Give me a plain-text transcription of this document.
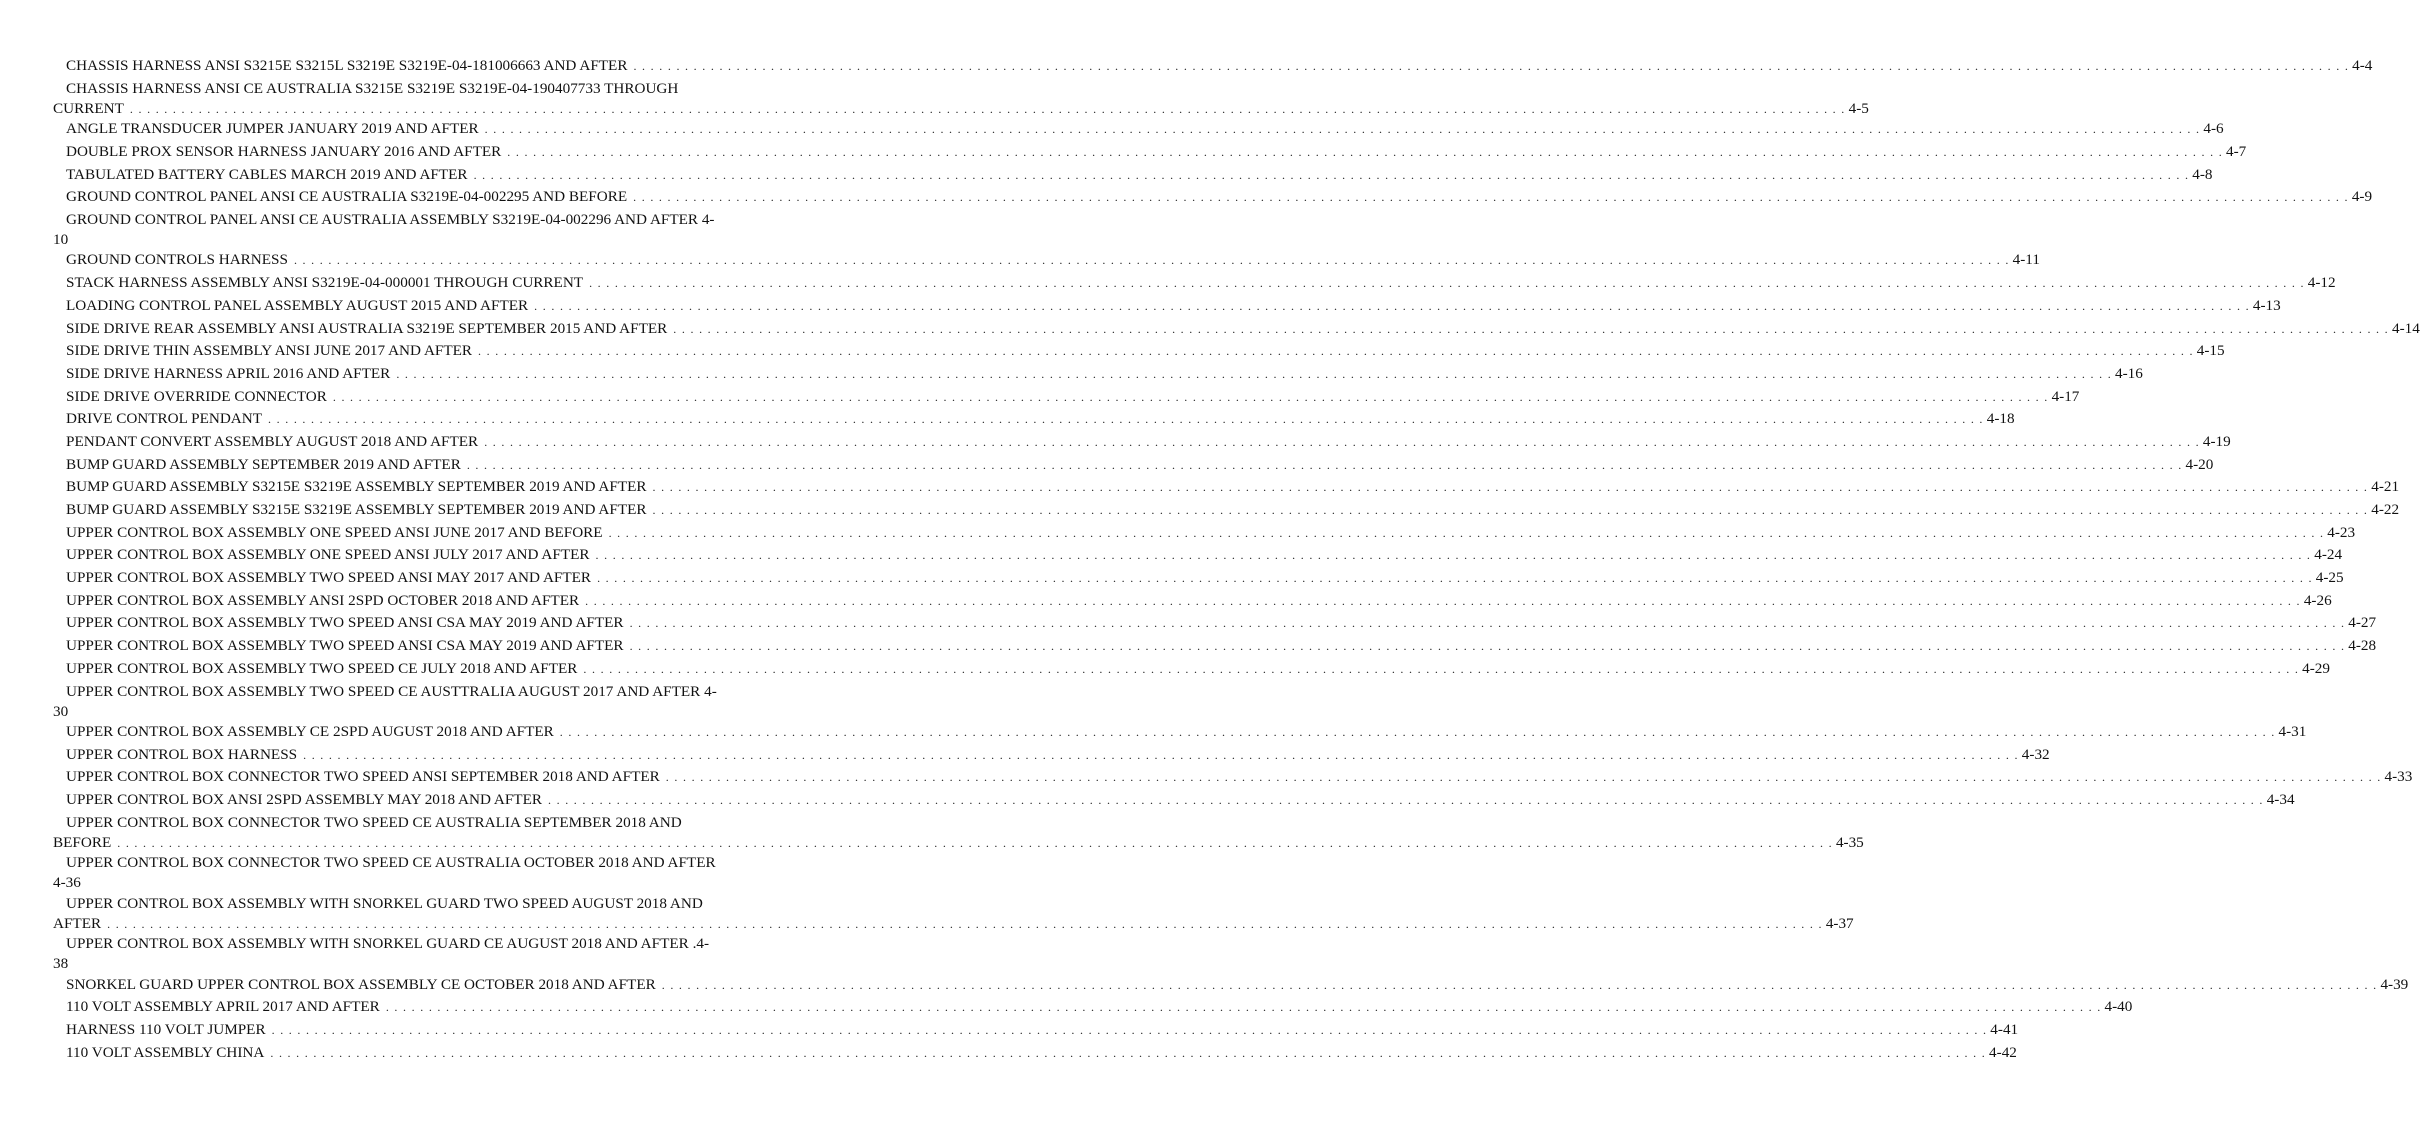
CHASSIS HARNESS ANSI S3215E S3215L S3219E S3219E-04-181006663 AND AFTER . . . . . . . . . . . . . . . . . . . . . . . . . . . . . . . . . . . . . . . . . . . . . . . . . . . . . . . . . . . . . . . . . . . . . . . . . . . . . . . . . . . . . . . . . . . . . . . . . . . . . . . . . . . . . . . . . . . . . . . . . . . . . . . . . . . . . . . . . . . . . . . . . . . . . . . . . . . . . . . . . . . . . . . . . . . . . . . . . . . . . . . . . . . . . . . . . . . . . . . . 4-4
CHASSIS HARNESS ANSI CE AUSTRALIA S3215E S3219E S3219E-04-190407733 THROUGH
CURRENT . . . . . . . . . . . . . . . . . . . . . . . . . . . . . . . . . . . . . . . . . . . . . . . . . . . . . . . . . . . . . . . . . . . . . . . . . . . . . . . . . . . . . . . . . . . . . . . . . . . . . . . . . . . . . . . . . . . . . . . . . . . . . . . . . . . . . . . . . . . . . . . . . . . . . . . . . . . . . . . . . . . . . . . . . . . . . . . . . . . . . . . . . . . . . . . . . . . . . . . . 4-5
ANGLE TRANSDUCER JUMPER JANUARY 2019 AND AFTER . . . . . . . . . . . . . . . . . . . . . . . . . . . . . . . . . . . . . . . . . . . . . . . . . . . . . . . . . . . . . . . . . . . . . . . . . . . . . . . . . . . . . . . . . . . . . . . . . . . . . . . . . . . . . . . . . . . . . . . . . . . . . . . . . . . . . . . . . . . . . . . . . . . . . . . . . . . . . . . . . . . . . . . . . . . . . . . . . . . . . . . . . . . . . . . . . . . . . . . . 4-6
DOUBLE PROX SENSOR HARNESS JANUARY 2016 AND AFTER . . . . . . . . . . . . . . . . . . . . . . . . . . . . . . . . . . . . . . . . . . . . . . . . . . . . . . . . . . . . . . . . . . . . . . . . . . . . . . . . . . . . . . . . . . . . . . . . . . . . . . . . . . . . . . . . . . . . . . . . . . . . . . . . . . . . . . . . . . . . . . . . . . . . . . . . . . . . . . . . . . . . . . . . . . . . . . . . . . . . . . . . . . . . . . . . . . . . . . . . 4-7
TABULATED BATTERY CABLES MARCH 2019 AND AFTER . . . . . . . . . . . . . . . . . . . . . . . . . . . . . . . . . . . . . . . . . . . . . . . . . . . . . . . . . . . . . . . . . . . . . . . . . . . . . . . . . . . . . . . . . . . . . . . . . . . . . . . . . . . . . . . . . . . . . . . . . . . . . . . . . . . . . . . . . . . . . . . . . . . . . . . . . . . . . . . . . . . . . . . . . . . . . . . . . . . . . . . . . . . . . . . . . . . . . . . . 4-8
GROUND CONTROL PANEL ANSI CE AUSTRALIA S3219E-04-002295 AND BEFORE . . . . . . . . . . . . . . . . . . . . . . . . . . . . . . . . . . . . . . . . . . . . . . . . . . . . . . . . . . . . . . . . . . . . . . . . . . . . . . . . . . . . . . . . . . . . . . . . . . . . . . . . . . . . . . . . . . . . . . . . . . . . . . . . . . . . . . . . . . . . . . . . . . . . . . . . . . . . . . . . . . . . . . . . . . . . . . . . . . . . . . . . . . . . . . . . . . . . . . . . 4-9
GROUND CONTROL PANEL ANSI CE AUSTRALIA ASSEMBLY S3219E-04-002296 AND AFTER 4-
10
GROUND CONTROLS HARNESS . . . . . . . . . . . . . . . . . . . . . . . . . . . . . . . . . . . . . . . . . . . . . . . . . . . . . . . . . . . . . . . . . . . . . . . . . . . . . . . . . . . . . . . . . . . . . . . . . . . . . . . . . . . . . . . . . . . . . . . . . . . . . . . . . . . . . . . . . . . . . . . . . . . . . . . . . . . . . . . . . . . . . . . . . . . . . . . . . . . . . . . . . . . . . . . . . . . . . . . . 4-11
STACK HARNESS ASSEMBLY ANSI S3219E-04-000001 THROUGH CURRENT . . . . . . . . . . . . . . . . . . . . . . . . . . . . . . . . . . . . . . . . . . . . . . . . . . . . . . . . . . . . . . . . . . . . . . . . . . . . . . . . . . . . . . . . . . . . . . . . . . . . . . . . . . . . . . . . . . . . . . . . . . . . . . . . . . . . . . . . . . . . . . . . . . . . . . . . . . . . . . . . . . . . . . . . . . . . . . . . . . . . . . . . . . . . . . . . . . . . . . . . 4-12
LOADING CONTROL PANEL ASSEMBLY AUGUST 2015 AND AFTER . . . . . . . . . . . . . . . . . . . . . . . . . . . . . . . . . . . . . . . . . . . . . . . . . . . . . . . . . . . . . . . . . . . . . . . . . . . . . . . . . . . . . . . . . . . . . . . . . . . . . . . . . . . . . . . . . . . . . . . . . . . . . . . . . . . . . . . . . . . . . . . . . . . . . . . . . . . . . . . . . . . . . . . . . . . . . . . . . . . . . . . . . . . . . . . . . . . . . . . . 4-13
SIDE DRIVE REAR ASSEMBLY ANSI AUSTRALIA S3219E SEPTEMBER 2015 AND AFTER . . . . . . . . . . . . . . . . . . . . . . . . . . . . . . . . . . . . . . . . . . . . . . . . . . . . . . . . . . . . . . . . . . . . . . . . . . . . . . . . . . . . . . . . . . . . . . . . . . . . . . . . . . . . . . . . . . . . . . . . . . . . . . . . . . . . . . . . . . . . . . . . . . . . . . . . . . . . . . . . . . . . . . . . . . . . . . . . . . . . . . . . . . . . . . . . . . . . . . . . 4-14
SIDE DRIVE THIN ASSEMBLY ANSI JUNE 2017 AND AFTER . . . . . . . . . . . . . . . . . . . . . . . . . . . . . . . . . . . . . . . . . . . . . . . . . . . . . . . . . . . . . . . . . . . . . . . . . . . . . . . . . . . . . . . . . . . . . . . . . . . . . . . . . . . . . . . . . . . . . . . . . . . . . . . . . . . . . . . . . . . . . . . . . . . . . . . . . . . . . . . . . . . . . . . . . . . . . . . . . . . . . . . . . . . . . . . . . . . . . . . . 4-15
SIDE DRIVE HARNESS APRIL 2016 AND AFTER . . . . . . . . . . . . . . . . . . . . . . . . . . . . . . . . . . . . . . . . . . . . . . . . . . . . . . . . . . . . . . . . . . . . . . . . . . . . . . . . . . . . . . . . . . . . . . . . . . . . . . . . . . . . . . . . . . . . . . . . . . . . . . . . . . . . . . . . . . . . . . . . . . . . . . . . . . . . . . . . . . . . . . . . . . . . . . . . . . . . . . . . . . . . . . . . . . . . . . . . 4-16
SIDE DRIVE OVERRIDE CONNECTOR . . . . . . . . . . . . . . . . . . . . . . . . . . . . . . . . . . . . . . . . . . . . . . . . . . . . . . . . . . . . . . . . . . . . . . . . . . . . . . . . . . . . . . . . . . . . . . . . . . . . . . . . . . . . . . . . . . . . . . . . . . . . . . . . . . . . . . . . . . . . . . . . . . . . . . . . . . . . . . . . . . . . . . . . . . . . . . . . . . . . . . . . . . . . . . . . . . . . . . . . 4-17
DRIVE CONTROL PENDANT . . . . . . . . . . . . . . . . . . . . . . . . . . . . . . . . . . . . . . . . . . . . . . . . . . . . . . . . . . . . . . . . . . . . . . . . . . . . . . . . . . . . . . . . . . . . . . . . . . . . . . . . . . . . . . . . . . . . . . . . . . . . . . . . . . . . . . . . . . . . . . . . . . . . . . . . . . . . . . . . . . . . . . . . . . . . . . . . . . . . . . . . . . . . . . . . . . . . . . . . 4-18
PENDANT CONVERT ASSEMBLY AUGUST 2018 AND AFTER . . . . . . . . . . . . . . . . . . . . . . . . . . . . . . . . . . . . . . . . . . . . . . . . . . . . . . . . . . . . . . . . . . . . . . . . . . . . . . . . . . . . . . . . . . . . . . . . . . . . . . . . . . . . . . . . . . . . . . . . . . . . . . . . . . . . . . . . . . . . . . . . . . . . . . . . . . . . . . . . . . . . . . . . . . . . . . . . . . . . . . . . . . . . . . . . . . . . . . . . 4-19
BUMP GUARD ASSEMBLY SEPTEMBER 2019 AND AFTER . . . . . . . . . . . . . . . . . . . . . . . . . . . . . . . . . . . . . . . . . . . . . . . . . . . . . . . . . . . . . . . . . . . . . . . . . . . . . . . . . . . . . . . . . . . . . . . . . . . . . . . . . . . . . . . . . . . . . . . . . . . . . . . . . . . . . . . . . . . . . . . . . . . . . . . . . . . . . . . . . . . . . . . . . . . . . . . . . . . . . . . . . . . . . . . . . . . . . . . . 4-20
BUMP GUARD ASSEMBLY S3215E S3219E ASSEMBLY SEPTEMBER 2019 AND AFTER . . . . . . . . . . . . . . . . . . . . . . . . . . . . . . . . . . . . . . . . . . . . . . . . . . . . . . . . . . . . . . . . . . . . . . . . . . . . . . . . . . . . . . . . . . . . . . . . . . . . . . . . . . . . . . . . . . . . . . . . . . . . . . . . . . . . . . . . . . . . . . . . . . . . . . . . . . . . . . . . . . . . . . . . . . . . . . . . . . . . . . . . . . . . . . . . . . . . . . . . 4-21
BUMP GUARD ASSEMBLY S3215E S3219E ASSEMBLY SEPTEMBER 2019 AND AFTER . . . . . . . . . . . . . . . . . . . . . . . . . . . . . . . . . . . . . . . . . . . . . . . . . . . . . . . . . . . . . . . . . . . . . . . . . . . . . . . . . . . . . . . . . . . . . . . . . . . . . . . . . . . . . . . . . . . . . . . . . . . . . . . . . . . . . . . . . . . . . . . . . . . . . . . . . . . . . . . . . . . . . . . . . . . . . . . . . . . . . . . . . . . . . . . . . . . . . . . . 4-22
UPPER CONTROL BOX ASSEMBLY ONE SPEED ANSI JUNE 2017 AND BEFORE . . . . . . . . . . . . . . . . . . . . . . . . . . . . . . . . . . . . . . . . . . . . . . . . . . . . . . . . . . . . . . . . . . . . . . . . . . . . . . . . . . . . . . . . . . . . . . . . . . . . . . . . . . . . . . . . . . . . . . . . . . . . . . . . . . . . . . . . . . . . . . . . . . . . . . . . . . . . . . . . . . . . . . . . . . . . . . . . . . . . . . . . . . . . . . . . . . . . . . . . 4-23
UPPER CONTROL BOX ASSEMBLY ONE SPEED ANSI JULY 2017 AND AFTER . . . . . . . . . . . . . . . . . . . . . . . . . . . . . . . . . . . . . . . . . . . . . . . . . . . . . . . . . . . . . . . . . . . . . . . . . . . . . . . . . . . . . . . . . . . . . . . . . . . . . . . . . . . . . . . . . . . . . . . . . . . . . . . . . . . . . . . . . . . . . . . . . . . . . . . . . . . . . . . . . . . . . . . . . . . . . . . . . . . . . . . . . . . . . . . . . . . . . . . . 4-24
UPPER CONTROL BOX ASSEMBLY TWO SPEED ANSI MAY 2017 AND AFTER . . . . . . . . . . . . . . . . . . . . . . . . . . . . . . . . . . . . . . . . . . . . . . . . . . . . . . . . . . . . . . . . . . . . . . . . . . . . . . . . . . . . . . . . . . . . . . . . . . . . . . . . . . . . . . . . . . . . . . . . . . . . . . . . . . . . . . . . . . . . . . . . . . . . . . . . . . . . . . . . . . . . . . . . . . . . . . . . . . . . . . . . . . . . . . . . . . . . . . . . 4-25
UPPER CONTROL BOX ASSEMBLY ANSI 2SPD OCTOBER 2018 AND AFTER . . . . . . . . . . . . . . . . . . . . . . . . . . . . . . . . . . . . . . . . . . . . . . . . . . . . . . . . . . . . . . . . . . . . . . . . . . . . . . . . . . . . . . . . . . . . . . . . . . . . . . . . . . . . . . . . . . . . . . . . . . . . . . . . . . . . . . . . . . . . . . . . . . . . . . . . . . . . . . . . . . . . . . . . . . . . . . . . . . . . . . . . . . . . . . . . . . . . . . . . 4-26
UPPER CONTROL BOX ASSEMBLY TWO SPEED ANSI CSA MAY 2019 AND AFTER . . . . . . . . . . . . . . . . . . . . . . . . . . . . . . . . . . . . . . . . . . . . . . . . . . . . . . . . . . . . . . . . . . . . . . . . . . . . . . . . . . . . . . . . . . . . . . . . . . . . . . . . . . . . . . . . . . . . . . . . . . . . . . . . . . . . . . . . . . . . . . . . . . . . . . . . . . . . . . . . . . . . . . . . . . . . . . . . . . . . . . . . . . . . . . . . . . . . . . . . 4-27
UPPER CONTROL BOX ASSEMBLY TWO SPEED ANSI CSA MAY 2019 AND AFTER . . . . . . . . . . . . . . . . . . . . . . . . . . . . . . . . . . . . . . . . . . . . . . . . . . . . . . . . . . . . . . . . . . . . . . . . . . . . . . . . . . . . . . . . . . . . . . . . . . . . . . . . . . . . . . . . . . . . . . . . . . . . . . . . . . . . . . . . . . . . . . . . . . . . . . . . . . . . . . . . . . . . . . . . . . . . . . . . . . . . . . . . . . . . . . . . . . . . . . . . 4-28
UPPER CONTROL BOX ASSEMBLY TWO SPEED CE JULY 2018 AND AFTER . . . . . . . . . . . . . . . . . . . . . . . . . . . . . . . . . . . . . . . . . . . . . . . . . . . . . . . . . . . . . . . . . . . . . . . . . . . . . . . . . . . . . . . . . . . . . . . . . . . . . . . . . . . . . . . . . . . . . . . . . . . . . . . . . . . . . . . . . . . . . . . . . . . . . . . . . . . . . . . . . . . . . . . . . . . . . . . . . . . . . . . . . . . . . . . . . . . . . . . . 4-29
UPPER CONTROL BOX ASSEMBLY TWO SPEED CE AUSTTRALIA AUGUST 2017 AND AFTER 4-
30
UPPER CONTROL BOX ASSEMBLY CE 2SPD AUGUST 2018 AND AFTER . . . . . . . . . . . . . . . . . . . . . . . . . . . . . . . . . . . . . . . . . . . . . . . . . . . . . . . . . . . . . . . . . . . . . . . . . . . . . . . . . . . . . . . . . . . . . . . . . . . . . . . . . . . . . . . . . . . . . . . . . . . . . . . . . . . . . . . . . . . . . . . . . . . . . . . . . . . . . . . . . . . . . . . . . . . . . . . . . . . . . . . . . . . . . . . . . . . . . . . . 4-31
UPPER CONTROL BOX HARNESS . . . . . . . . . . . . . . . . . . . . . . . . . . . . . . . . . . . . . . . . . . . . . . . . . . . . . . . . . . . . . . . . . . . . . . . . . . . . . . . . . . . . . . . . . . . . . . . . . . . . . . . . . . . . . . . . . . . . . . . . . . . . . . . . . . . . . . . . . . . . . . . . . . . . . . . . . . . . . . . . . . . . . . . . . . . . . . . . . . . . . . . . . . . . . . . . . . . . . . . . 4-32
UPPER CONTROL BOX CONNECTOR TWO SPEED ANSI SEPTEMBER 2018 AND AFTER . . . . . . . . . . . . . . . . . . . . . . . . . . . . . . . . . . . . . . . . . . . . . . . . . . . . . . . . . . . . . . . . . . . . . . . . . . . . . . . . . . . . . . . . . . . . . . . . . . . . . . . . . . . . . . . . . . . . . . . . . . . . . . . . . . . . . . . . . . . . . . . . . . . . . . . . . . . . . . . . . . . . . . . . . . . . . . . . . . . . . . . . . . . . . . . . . . . . . . . . 4-33
UPPER CONTROL BOX ANSI 2SPD ASSEMBLY MAY 2018 AND AFTER . . . . . . . . . . . . . . . . . . . . . . . . . . . . . . . . . . . . . . . . . . . . . . . . . . . . . . . . . . . . . . . . . . . . . . . . . . . . . . . . . . . . . . . . . . . . . . . . . . . . . . . . . . . . . . . . . . . . . . . . . . . . . . . . . . . . . . . . . . . . . . . . . . . . . . . . . . . . . . . . . . . . . . . . . . . . . . . . . . . . . . . . . . . . . . . . . . . . . . . . 4-34
UPPER CONTROL BOX CONNECTOR TWO SPEED CE AUSTRALIA SEPTEMBER 2018 AND
BEFORE . . . . . . . . . . . . . . . . . . . . . . . . . . . . . . . . . . . . . . . . . . . . . . . . . . . . . . . . . . . . . . . . . . . . . . . . . . . . . . . . . . . . . . . . . . . . . . . . . . . . . . . . . . . . . . . . . . . . . . . . . . . . . . . . . . . . . . . . . . . . . . . . . . . . . . . . . . . . . . . . . . . . . . . . . . . . . . . . . . . . . . . . . . . . . . . . . . . . . . . . 4-35
UPPER CONTROL BOX CONNECTOR TWO SPEED CE AUSTRALIA OCTOBER 2018 AND AFTER
4-36
UPPER CONTROL BOX ASSEMBLY WITH SNORKEL GUARD TWO SPEED AUGUST 2018 AND
AFTER . . . . . . . . . . . . . . . . . . . . . . . . . . . . . . . . . . . . . . . . . . . . . . . . . . . . . . . . . . . . . . . . . . . . . . . . . . . . . . . . . . . . . . . . . . . . . . . . . . . . . . . . . . . . . . . . . . . . . . . . . . . . . . . . . . . . . . . . . . . . . . . . . . . . . . . . . . . . . . . . . . . . . . . . . . . . . . . . . . . . . . . . . . . . . . . . . . . . . . . . 4-37
UPPER CONTROL BOX ASSEMBLY WITH SNORKEL GUARD CE AUGUST 2018 AND AFTER .4-
38
SNORKEL GUARD UPPER CONTROL BOX ASSEMBLY CE OCTOBER 2018 AND AFTER . . . . . . . . . . . . . . . . . . . . . . . . . . . . . . . . . . . . . . . . . . . . . . . . . . . . . . . . . . . . . . . . . . . . . . . . . . . . . . . . . . . . . . . . . . . . . . . . . . . . . . . . . . . . . . . . . . . . . . . . . . . . . . . . . . . . . . . . . . . . . . . . . . . . . . . . . . . . . . . . . . . . . . . . . . . . . . . . . . . . . . . . . . . . . . . . . . . . . . . . 4-39
110 VOLT ASSEMBLY APRIL 2017 AND AFTER . . . . . . . . . . . . . . . . . . . . . . . . . . . . . . . . . . . . . . . . . . . . . . . . . . . . . . . . . . . . . . . . . . . . . . . . . . . . . . . . . . . . . . . . . . . . . . . . . . . . . . . . . . . . . . . . . . . . . . . . . . . . . . . . . . . . . . . . . . . . . . . . . . . . . . . . . . . . . . . . . . . . . . . . . . . . . . . . . . . . . . . . . . . . . . . . . . . . . . . . 4-40
HARNESS 110 VOLT JUMPER . . . . . . . . . . . . . . . . . . . . . . . . . . . . . . . . . . . . . . . . . . . . . . . . . . . . . . . . . . . . . . . . . . . . . . . . . . . . . . . . . . . . . . . . . . . . . . . . . . . . . . . . . . . . . . . . . . . . . . . . . . . . . . . . . . . . . . . . . . . . . . . . . . . . . . . . . . . . . . . . . . . . . . . . . . . . . . . . . . . . . . . . . . . . . . . . . . . . . . . . 4-41
110 VOLT ASSEMBLY CHINA . . . . . . . . . . . . . . . . . . . . . . . . . . . . . . . . . . . . . . . . . . . . . . . . . . . . . . . . . . . . . . . . . . . . . . . . . . . . . . . . . . . . . . . . . . . . . . . . . . . . . . . . . . . . . . . . . . . . . . . . . . . . . . . . . . . . . . . . . . . . . . . . . . . . . . . . . . . . . . . . . . . . . . . . . . . . . . . . . . . . . . . . . . . . . . . . . . . . . . . . 4-42
